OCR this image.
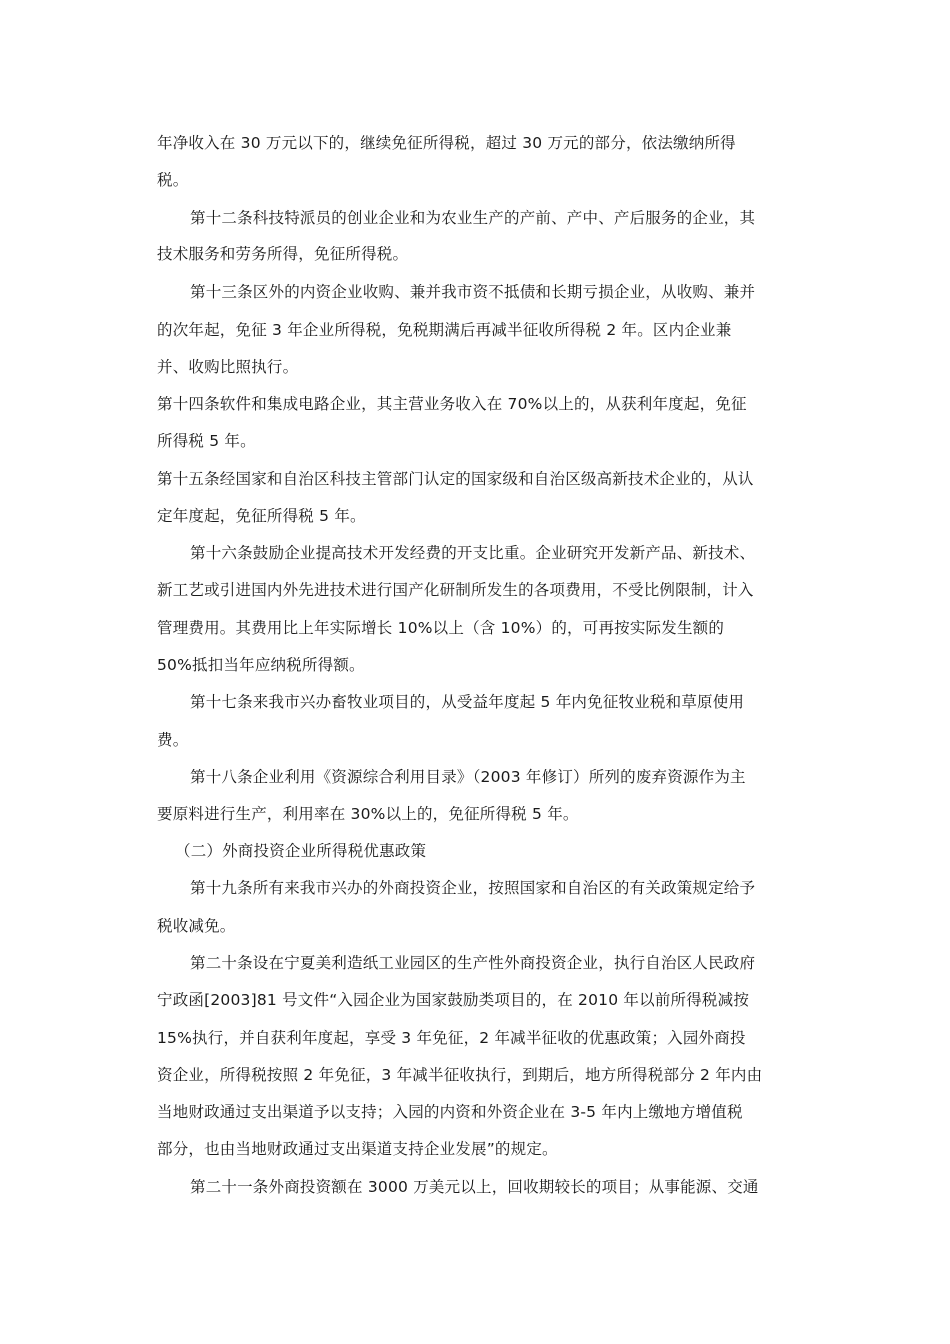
年净收入在 30 万元以下的，继续免征所得税，超过 30 万元的部分，依法缴纳所得
税。
第十二条科技特派员的创业企业和为农业生产的产前、产中、产后服务的企业，其
技术服务和劳务所得，免征所得税。
第十三条区外的内资企业收购、兼并我市资不抵债和长期亏损企业，从收购、兼并
的次年起，免征 3 年企业所得税，免税期满后再减半征收所得税 2 年。区内企业兼
并、收购比照执行。
第十四条软件和集成电路企业，其主营业务收入在 70%以上的，从获利年度起，免征
所得税 5 年。
第十五条经国家和自治区科技主管部门认定的国家级和自治区级高新技术企业的，从认
定年度起，免征所得税 5 年。
第十六条鼓励企业提高技术开发经费的开支比重。企业研究开发新产品、新技术、
新工艺或引进国内外先进技术进行国产化研制所发生的各项费用，不受比例限制，计入
管理费用。其费用比上年实际增长 10%以上（含 10%）的，可再按实际发生额的
50%抵扣当年应纳税所得额。
第十七条来我市兴办畜牧业项目的，从受益年度起 5 年内免征牧业税和草原使用
费。
第十八条企业利用《资源综合利用目录》（2003 年修订）所列的废弃资源作为主
要原料进行生产，利用率在 30%以上的，免征所得税 5 年。
（二）外商投资企业所得税优惠政策
第十九条所有来我市兴办的外商投资企业，按照国家和自治区的有关政策规定给予
税收减免。
第二十条设在宁夏美利造纸工业园区的生产性外商投资企业，执行自治区人民政府
宁政函[2003]81 号文件“入园企业为国家鼓励类项目的，在 2010 年以前所得税减按
15%执行，并自获利年度起，享受 3 年免征，2 年减半征收的优惠政策；入园外商投
资企业，所得税按照 2 年免征，3 年减半征收执行，到期后，地方所得税部分 2 年内由
当地财政通过支出渠道予以支持；入园的内资和外资企业在 3-5 年内上缴地方增值税
部分，也由当地财政通过支出渠道支持企业发展”的规定。
第二十一条外商投资额在 3000 万美元以上，回收期较长的项目；从事能源、交通
